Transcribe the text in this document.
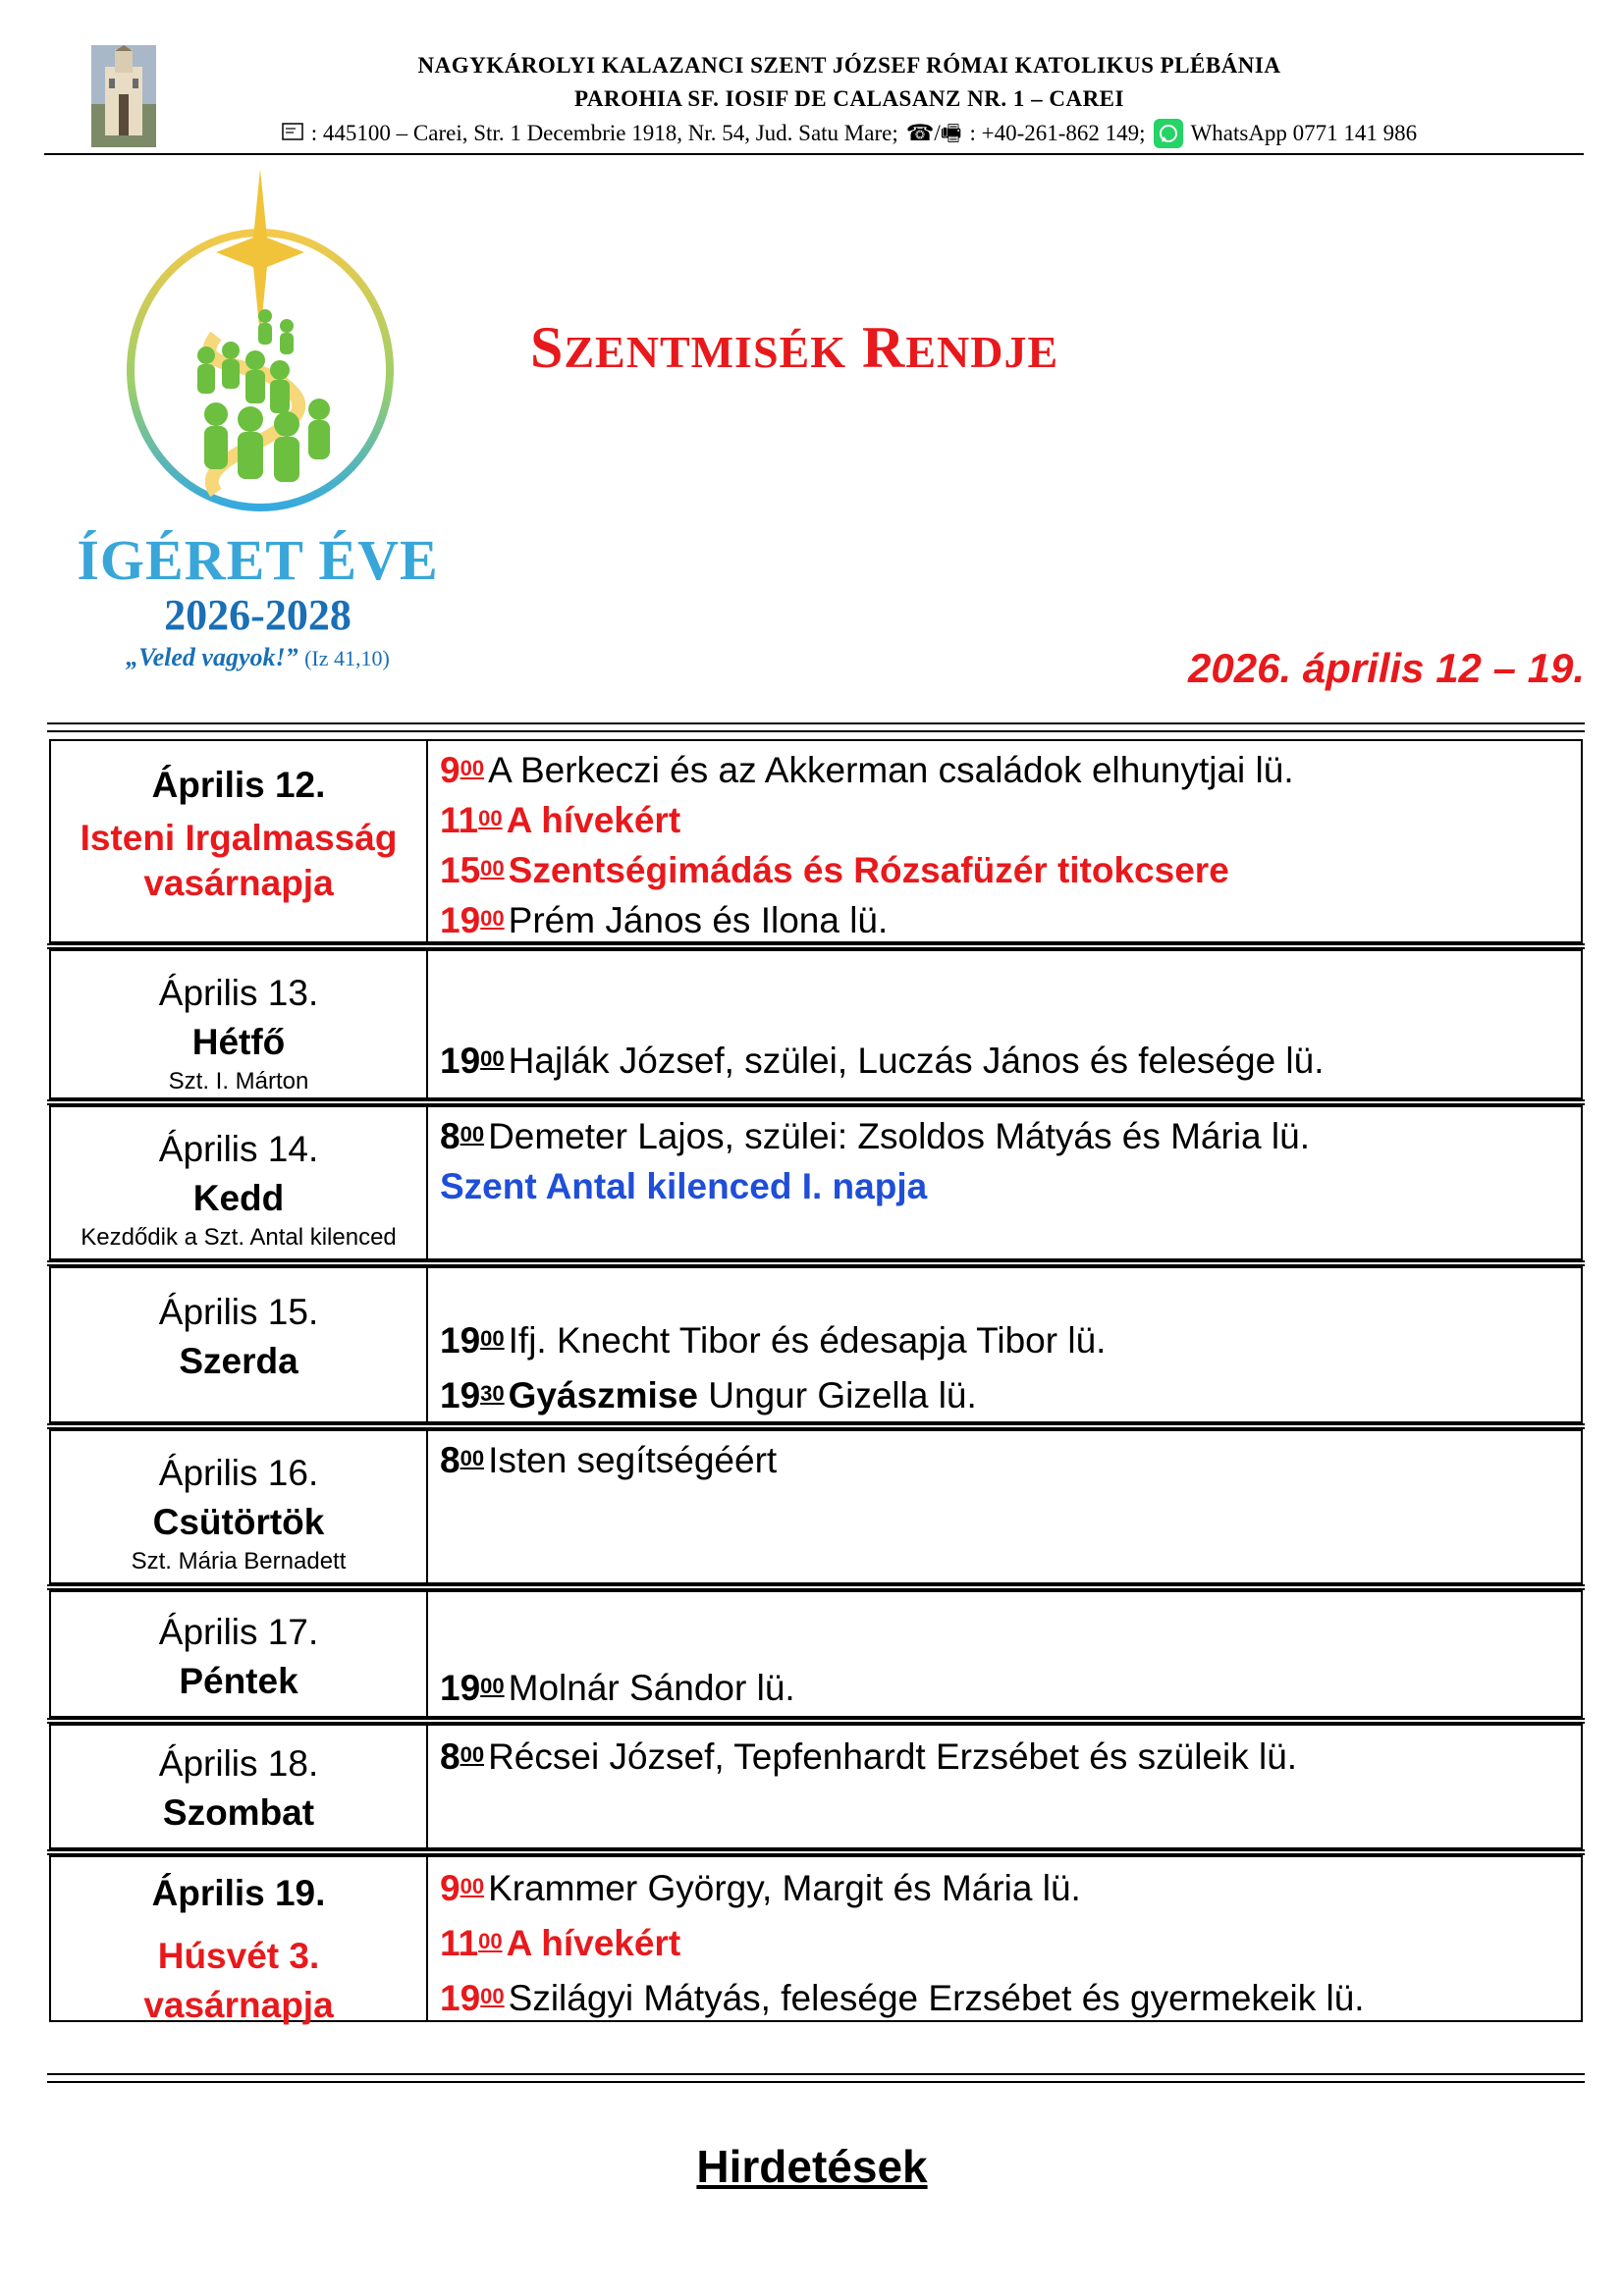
NAGYKÁROLYI KALAZANCI SZENT JÓZSEF RÓMAI KATOLIKUS PLÉBÁNIA
PAROHIA SF. IOSIF DE CALASANZ NR. 1 – CAREI
: 445100 – Carei, Str. 1 Decembrie 1918, Nr. 54, Jud. Satu Mare; ☎/🖷 : +40-261-862 149; WhatsApp 0771 141 986
ÍGÉRET ÉVE
2026-2028
„Veled vagyok!” (Iz 41,10)
SZENTMISÉK RENDJE
2026. április 12 – 19.
Április 12.
Isteni Irgalmasság vasárnapja
$9^{00}$ A Berkeczi és az Akkerman családok elhunytjai lü.
$11^{00}$ A hívekért
$15^{00}$ Szentségimádás és Rózsafüzér titokcsere
$19^{00}$ Prém János és Ilona lü.
Április 13.
Hétfő
Szt. I. Márton
$19^{00}$ Hajlák József, szülei, Luczás János és felesége lü.
Április 14.
Kedd
Kezdődik a Szt. Antal kilenced
$8^{00}$ Demeter Lajos, szülei: Zsoldos Mátyás és Mária lü.
Szent Antal kilenced I. napja
Április 15.
Szerda
$19^{00}$ Ifj. Knecht Tibor és édesapja Tibor lü.
$19^{30}$ Gyászmise Ungur Gizella lü.
Április 16.
Csütörtök
Szt. Mária Bernadett
$8^{00}$ Isten segítségéért
Április 17.
Péntek	$19^{00}$ Molnár Sándor lü.
Április 18.
Szombat
$8^{00}$ Récsei József, Tepfenhardt Erzsébet és szüleik lü.
Április 19.
Húsvét 3. vasárnapja
$9^{00}$ Krammer György, Margit és Mária lü.
$11^{00}$ A hívekért
$19^{00}$ Szilágyi Mátyás, felesége Erzsébet és gyermekeik lü.
Hirdetések
